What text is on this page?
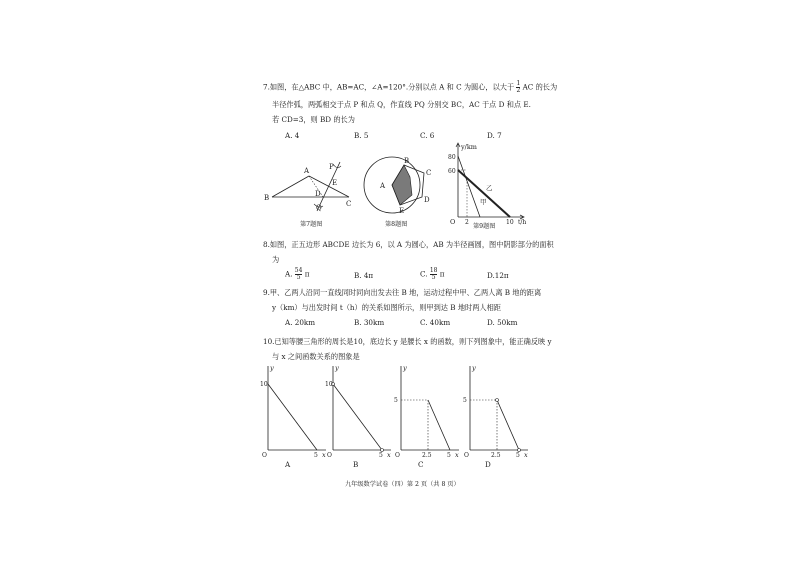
7.如图，在△ABC 中，AB=AC，∠A=120°.分别以点 A 和 C 为圆心，以大于 $\frac{1}{2}$ AC 的长为
半径作弧，两弧相交于点 P 和点 Q，作直线 PQ 分别交 BC，AC 于点 D 和点 E.
若 CD=3，则 BD 的长为
A. 4	B. 5	C. 6	D. 7
B
A
C
P
E
D
Q
第7题图
A
B
C
D
E
第8题图
y/km
80
60
O 2	10 t/h
甲
乙
第9题图
8.如图，正五边形 ABCDE 边长为 6，以 A 为圆心，AB 为半径画圆，图中阴影部分的面积
为
A. $\frac{54}{5}$ π	B. 4π	C. $\frac{18}{5}$ π	D.12π
9.甲、乙两人沿同一直线同时同向出发去往 B 地，运动过程中甲、乙两人离 B 地的距离
y（km）与出发时间 t（h）的关系如图所示，则甲到达 B 地时两人相距
A. 20km	B. 30km	C. 40km	D. 50km
10.已知等腰三角形的周长是10，底边长 y 是腰长 x 的函数，则下列图象中，能正确反映 y
与 x 之间函数关系的图象是
y
10
O	5 x
A
y
10
O	5 x
B
y
5
O	2.5	5 x
C
y
5
O	2.5	5 x
D
九年级数学试卷（四）第 2 页（共 8 页）
